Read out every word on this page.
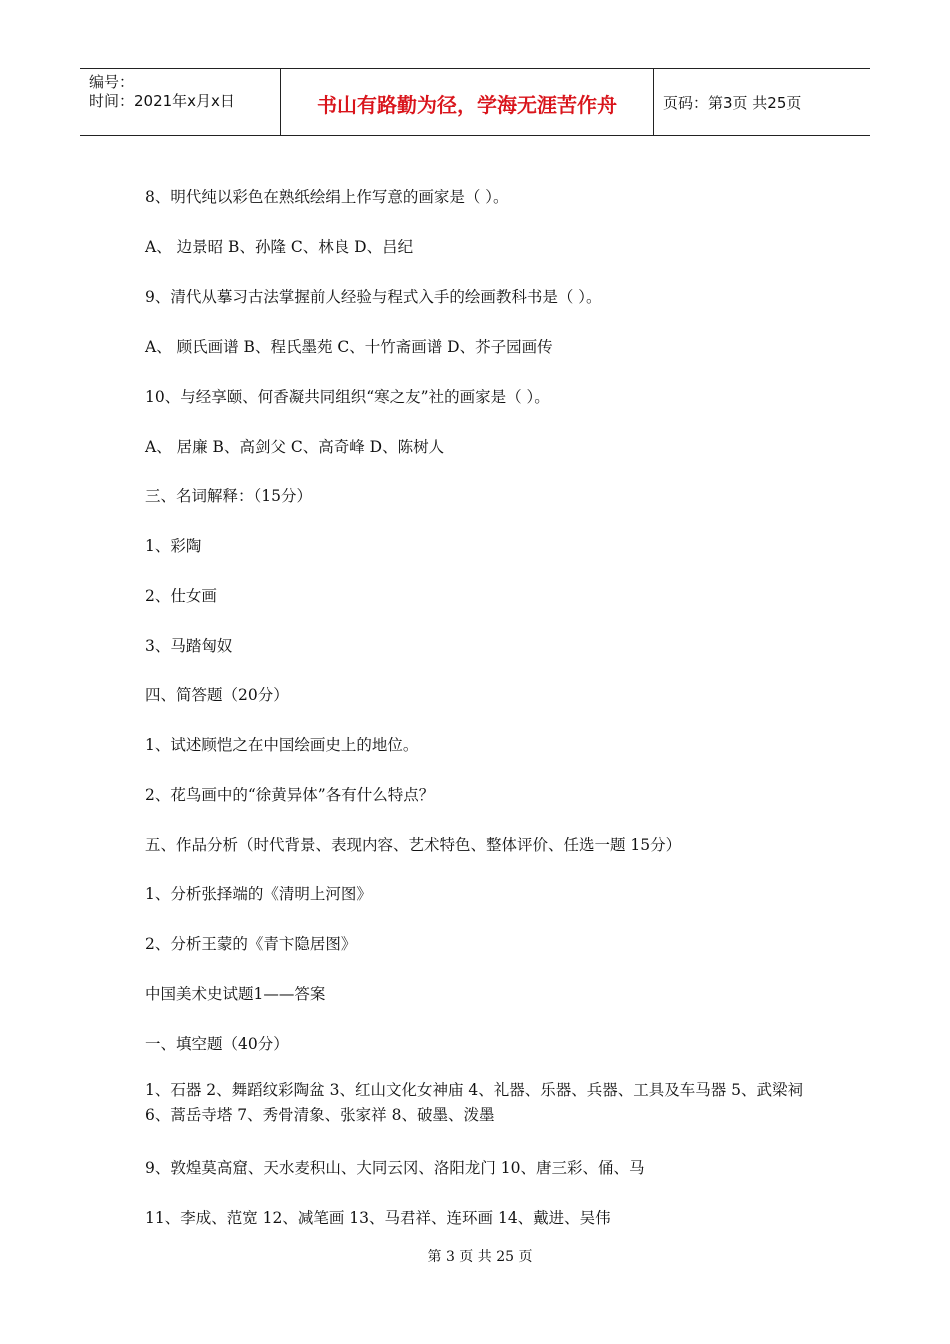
编号：
时间：2021年x月x日	书山有路勤为径，学海无涯苦作舟	页码：第3页 共25页
8、明代纯以彩色在熟纸绘绢上作写意的画家是（ ）。
A、 边景昭 B、孙隆 C、林良 D、吕纪
9、清代从摹习古法掌握前人经验与程式入手的绘画教科书是（ ）。
A、 顾氏画谱 B、程氏墨苑 C、十竹斋画谱 D、芥子园画传
10、与经享颐、何香凝共同组织“寒之友”社的画家是（ ）。
A、 居廉 B、高剑父 C、高奇峰 D、陈树人
三、名词解释：（15分）
1、彩陶
2、仕女画
3、马踏匈奴
四、简答题（20分）
1、试述顾恺之在中国绘画史上的地位。
2、花鸟画中的“徐黄异体”各有什么特点？
五、作品分析（时代背景、表现内容、艺术特色、整体评价、任选一题 15分）
1、分析张择端的《清明上河图》
2、分析王蒙的《青卞隐居图》
中国美术史试题1——答案
一、填空题（40分）
1、石器 2、舞蹈纹彩陶盆 3、红山文化女神庙 4、礼器、乐器、兵器、工具及车马器 5、武梁祠 6、蒿岳寺塔 7、秀骨清象、张家祥 8、破墨、泼墨
9、敦煌莫高窟、天水麦积山、大同云冈、洛阳龙门 10、唐三彩、俑、马
11、李成、范宽 12、减笔画 13、马君祥、连环画 14、戴进、吴伟
第 3 页 共 25 页
